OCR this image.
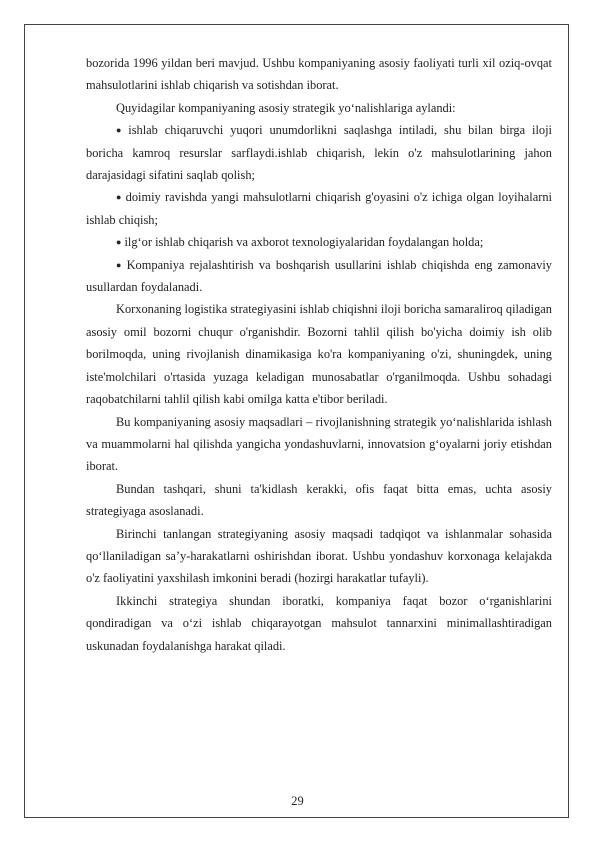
bozorida 1996 yildan beri mavjud. Ushbu kompaniyaning asosiy faoliyati turli xil oziq-ovqat mahsulotlarini ishlab chiqarish va sotishdan iborat.

Quyidagilar kompaniyaning asosiy strategik yo‘nalishlariga aylandi:

● ishlab chiqaruvchi yuqori unumdorlikni saqlashga intiladi, shu bilan birga iloji boricha kamroq resurslar sarflaydi.ishlab chiqarish, lekin o'z mahsulotlarining jahon darajasidagi sifatini saqlab qolish;

● doimiy ravishda yangi mahsulotlarni chiqarish g'oyasini o'z ichiga olgan loyihalarni ishlab chiqish;

● ilg‘or ishlab chiqarish va axborot texnologiyalaridan foydalangan holda;

● Kompaniya rejalashtirish va boshqarish usullarini ishlab chiqishda eng zamonaviy usullardan foydalanadi.

Korxonaning logistika strategiyasini ishlab chiqishni iloji boricha samaraliroq qiladigan asosiy omil bozorni chuqur o'rganishdir. Bozorni tahlil qilish bo'yicha doimiy ish olib borilmoqda, uning rivojlanish dinamikasiga ko'ra kompaniyaning o'zi, shuningdek, uning iste'molchilari o'rtasida yuzaga keladigan munosabatlar o'rganilmoqda. Ushbu sohadagi raqobatchilarni tahlil qilish kabi omilga katta e'tibor beriladi.

Bu kompaniyaning asosiy maqsadlari – rivojlanishning strategik yo‘nalishlarida ishlash va muammolarni hal qilishda yangicha yondashuvlarni, innovatsion g‘oyalarni joriy etishdan iborat.

Bundan tashqari, shuni ta'kidlash kerakki, ofis faqat bitta emas, uchta asosiy strategiyaga asoslanadi.

Birinchi tanlangan strategiyaning asosiy maqsadi tadqiqot va ishlanmalar sohasida qo‘llaniladigan sa’y-harakatlarni oshirishdan iborat. Ushbu yondashuv korxonaga kelajakda o'z faoliyatini yaxshilash imkonini beradi (hozirgi harakatlar tufayli).

Ikkinchi strategiya shundan iboratki, kompaniya faqat bozor o‘rganishlarini qondiradigan va o‘zi ishlab chiqarayotgan mahsulot tannarxini minimallashtiradigan uskunadan foydalanishga harakat qiladi.

29
